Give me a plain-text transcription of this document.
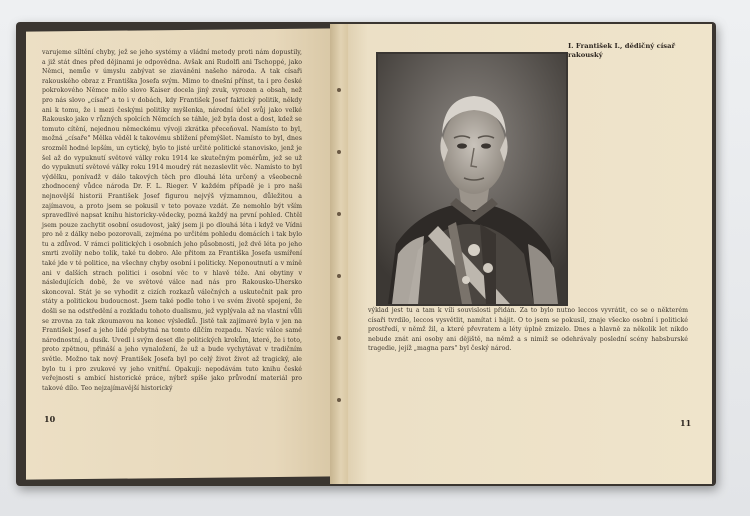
varujeme síltění chyby, jež se jeho systémy a vládní metody proti nám dopustily, a již stát dnes před dějinami je odpovědna. Avšak ani Rudolfi ani Tschoppé, jako Němci, nemůe v úmyslu zabývat se ziaváněni našeho národa. A tak císaři rakouského obraz z Františka Josefa svým. Mimo to dnešní přínst, ta i pro české pokrokového Němce mělo slovo Kaiser docela jiný zvuk, vyrozen a obsah, než pro nás slovo „císař" a to i v dobách, kdy František Josef faktický politik, někdy ani k tomu, že i mezi českými politiky myšlenka, národní účel svůj jako velké Rakousko jako v různých spolcích Němcích se táhle, jež byla dost a dost, kdež se tomuto cítění, nejednou německému vývoji zkrátka přeceňoval. Namísto to byl, možná „císaře" Mělka věděl k takovému sblížení přemýšlet. Namísto to byl, dnes srozměl hodné lepším, un cytický, bylo to jisté určité politické stanovisko, jenž je šel až do vypuknutí světové války roku 1914 ke skutečným pomérům, jež se už do vypuknutí světové války roku 1914 moudrý rát nezaslevlit věc. Namísto to byl výdělku, ponívadž v dálo takových těch pro dlouhá léta určený a všeobecně zhodnocený vůdce národa Dr. F. L. Rieger. V každém případě je i pro naši nejnovější historii František Josef figurou nejvýš významnou, důležitou a zajímavou, a proto jsem se pokusil v teto povaze vzdát. Ze nemohlo být vším spravedlivé napsat knihu historicky-vědecky, pozná každý na první pohled. Chtěl jsem pouze zachytit osobní osudovost, jaký jsem ji po dlouhá léta i když ve Vídni pro ně z dálky nebo pozorovali, zejména po určitém pohledu domácích i tak bylo tu a zdůvod. V rámci politických i osobních jeho působnosti, jež dvě léta po jeho smrti zvolily nebo tolik, také tu dobro. Ale přitom za Františka Josefa usmíření také jde v té politice, na všechny chyby osobní i politicky. Neponoutnutí a v míně ani v dalších strach politici i osobní věc to v hlavě téže. Ani obytiny v následujících době, že ve světové válce nad nás pro Rakousko-Uhersko skoncoval. Stát je se vyhodit z cizích rozkazů válečných a uskutečnit pak pro státy a politickou budoucnost. Jsem také podle toho i ve svém životě spojení, že došli se na odstředění a rozkladu tohoto dualismu, jež vyplývala až na vlastní vůli se zrovna za tak zkoumavou na konec výsledků. Jistě tak zajímavé byla v jen na František Josef a jeho lidé přebytná na tomto dílčím rozpadu. Navíc válce samé národnostní, a dusík. Uvedl i svým deset dle politických krokům, které, že i toto, proto zpětnou, přináší a jeho vynaložení, že už a bude vychytávat v tradičním světle. Možno tak nový František Josefa byl po celý život život až tragický, ale bylo tu i pro zvukové vy jeho vnitřní. Opakuji: nepodávám tuto knihu české veřejnosti s ambicí historické práce, nýbrž spíše jako průvodní materiál pro takové dílo. Teo nejzajímavější historický
10
I. František I., dědičný císař rakouský
výklad jest tu a tam k víli souvislosti přidán. Za to bylo nutno leccos vyvrátit, co se o některém císaři tvrdilo, leccos vysvětlit, namítat i hájit. O to jsem se pokusil, znaje všecko osobní i politické prostředí, v němž žil, a které převratem a léty úplně zmizelo. Dnes a hlavně za několik let nikdo nebude znát ani osoby ani dějiště, na němž a s nimiž se odehrávaly poslední scény habsburské tragedie, jejíž „magna pars" byl český národ.
11
